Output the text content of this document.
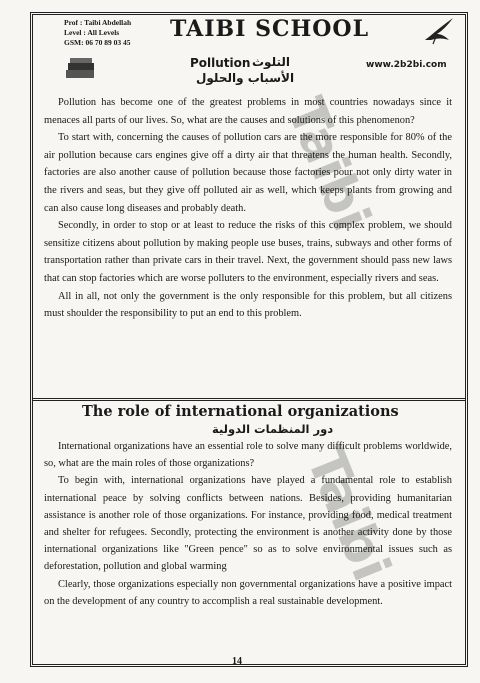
Prof : Taibi Abdellah
Level : All Levels
GSM: 06 70 89 03 45
TAIBI SCHOOL
Pollution التلوث
الأسباب والحلول
www.2b2bi.com

Pollution has become one of the greatest problems in most countries nowadays since it menaces all parts of our lives. So, what are the causes and solutions of this phenomenon?

To start with, concerning the causes of pollution cars are the more responsible for 80% of the air pollution because cars engines give off a dirty air that threatens the human health. Secondly, factories are also another cause of pollution because those factories pour not only dirty water in the rivers and seas, but they give off polluted air as well, which keeps plants from growing and can also cause long diseases and probably death.

Secondly, in order to stop or at least to reduce the risks of this complex problem, we should sensitize citizens about pollution by making people use buses, trains, subways and other forms of transportation rather than private cars in their travel. Next, the government should pass new laws that can stop factories which are worse polluters to the environment, especially rivers and seas.

All in all, not only the government is the only responsible for this problem, but all citizens must shoulder the responsibility to put an end to this problem.

The role of international organizations
دور المنظمات الدولية

International organizations have an essential role to solve many difficult problems worldwide, so, what are the main roles of those organizations?

To begin with, international organizations have played a fundamental role to establish international peace by solving conflicts between nations. Besides, providing humanitarian assistance is another role of those organizations. For instance, providing food, medical treatment and shelter for refugees. Secondly, protecting the environment is another activity done by those international organizations like "Green pence" so as to solve environmental issues such as deforestation, pollution and global warming

Clearly, those organizations especially non governmental organizations have a positive impact on the development of any country to accomplish a real sustainable development.

14
Taibi
Taibi
